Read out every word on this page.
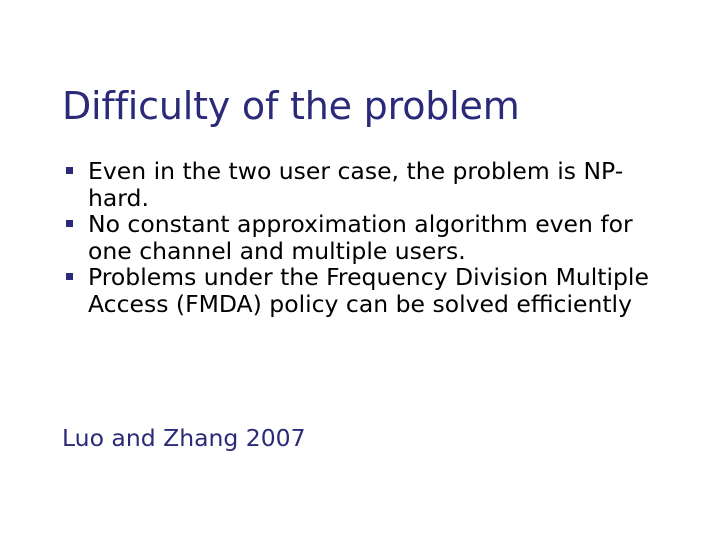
Difficulty of the problem
Even in the two user case, the problem is NP-hard.
No constant approximation algorithm even for one channel and multiple users.
Problems under the Frequency Division Multiple Access (FMDA) policy can be solved efficiently

Luo and Zhang 2007
